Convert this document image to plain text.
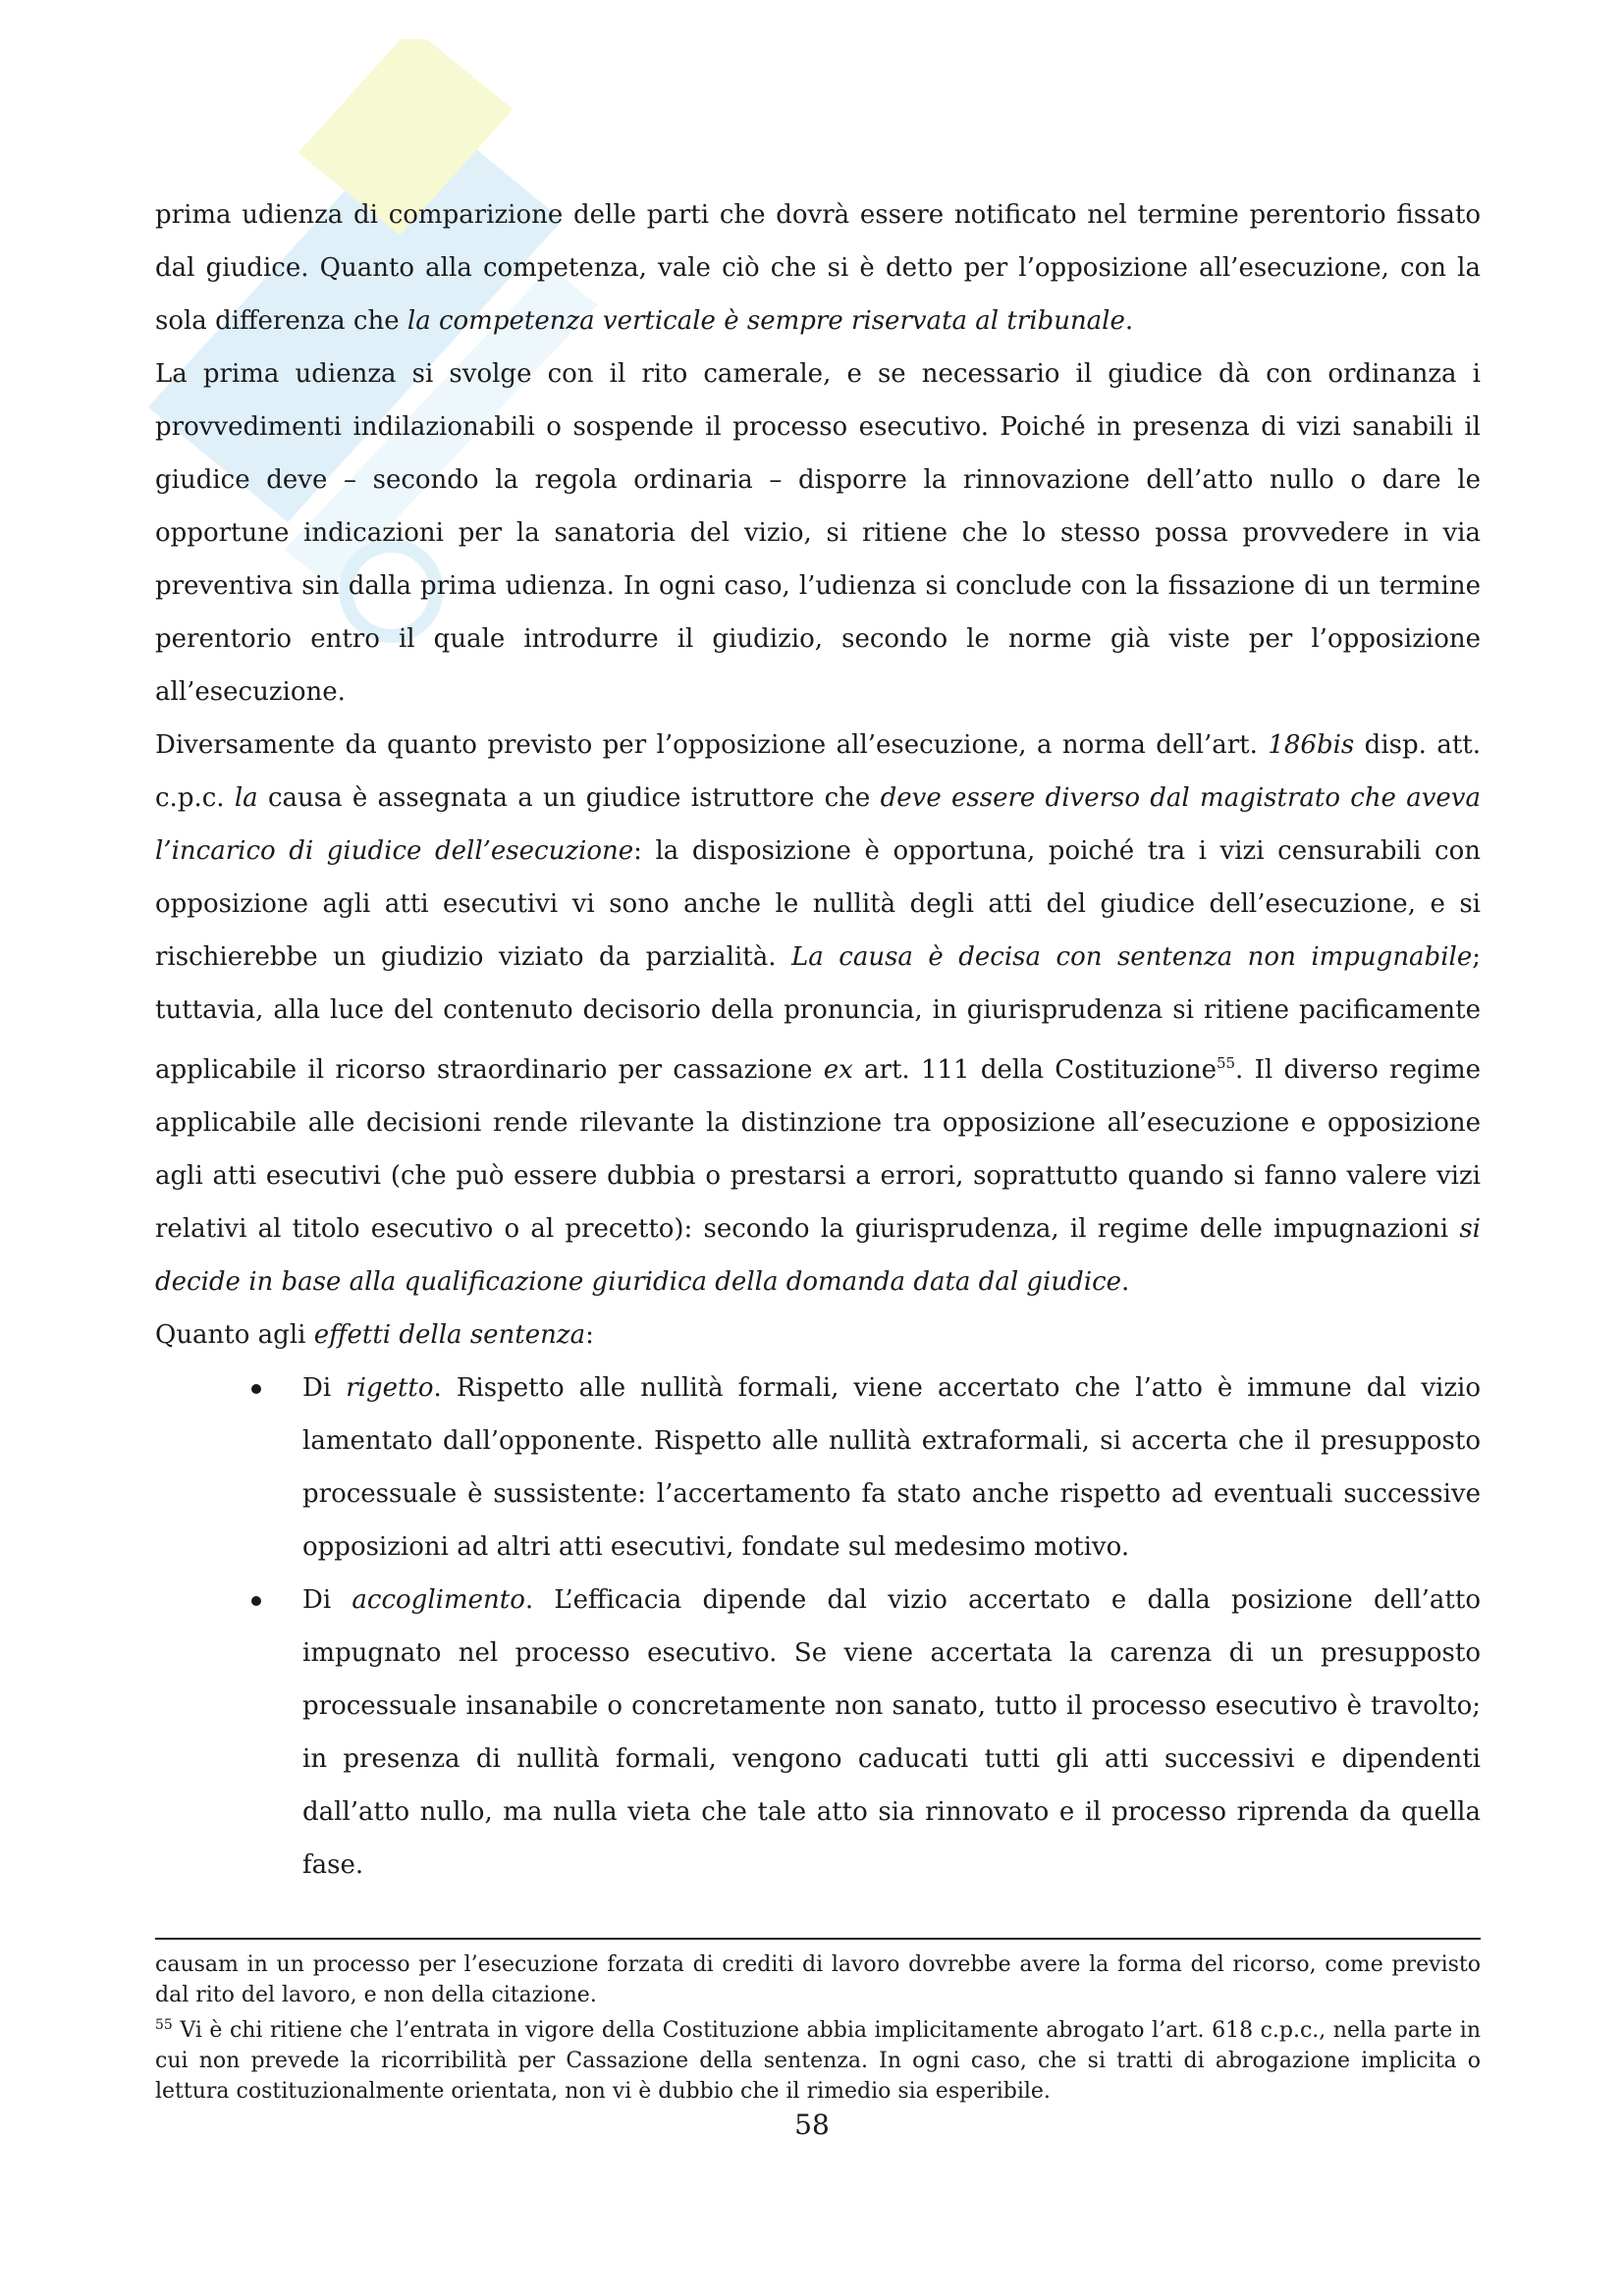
prima udienza di comparizione delle parti che dovrà essere notificato nel termine perentorio fissato dal giudice. Quanto alla competenza, vale ciò che si è detto per l’opposizione all’esecuzione, con la sola differenza che la competenza verticale è sempre riservata al tribunale.

La prima udienza si svolge con il rito camerale, e se necessario il giudice dà con ordinanza i provvedimenti indilazionabili o sospende il processo esecutivo. Poiché in presenza di vizi sanabili il giudice deve – secondo la regola ordinaria – disporre la rinnovazione dell’atto nullo o dare le opportune indicazioni per la sanatoria del vizio, si ritiene che lo stesso possa provvedere in via preventiva sin dalla prima udienza. In ogni caso, l’udienza si conclude con la fissazione di un termine perentorio entro il quale introdurre il giudizio, secondo le norme già viste per l’opposizione all’esecuzione.

Diversamente da quanto previsto per l’opposizione all’esecuzione, a norma dell’art. 186bis disp. att. c.p.c. la causa è assegnata a un giudice istruttore che deve essere diverso dal magistrato che aveva l’incarico di giudice dell’esecuzione: la disposizione è opportuna, poiché tra i vizi censurabili con opposizione agli atti esecutivi vi sono anche le nullità degli atti del giudice dell’esecuzione, e si rischierebbe un giudizio viziato da parzialità. La causa è decisa con sentenza non impugnabile; tuttavia, alla luce del contenuto decisorio della pronuncia, in giurisprudenza si ritiene pacificamente applicabile il ricorso straordinario per cassazione ex art. 111 della Costituzione$^{55}$. Il diverso regime applicabile alle decisioni rende rilevante la distinzione tra opposizione all’esecuzione e opposizione agli atti esecutivi (che può essere dubbia o prestarsi a errori, soprattutto quando si fanno valere vizi relativi al titolo esecutivo o al precetto): secondo la giurisprudenza, il regime delle impugnazioni si decide in base alla qualificazione giuridica della domanda data dal giudice.

Quanto agli effetti della sentenza:

Di rigetto. Rispetto alle nullità formali, viene accertato che l’atto è immune dal vizio lamentato dall’opponente. Rispetto alle nullità extraformali, si accerta che il presupposto processuale è sussistente: l’accertamento fa stato anche rispetto ad eventuali successive opposizioni ad altri atti esecutivi, fondate sul medesimo motivo.
Di accoglimento. L’efficacia dipende dal vizio accertato e dalla posizione dell’atto impugnato nel processo esecutivo. Se viene accertata la carenza di un presupposto processuale insanabile o concretamente non sanato, tutto il processo esecutivo è travolto; in presenza di nullità formali, vengono caducati tutti gli atti successivi e dipendenti dall’atto nullo, ma nulla vieta che tale atto sia rinnovato e il processo riprenda da quella fase.

causam in un processo per l’esecuzione forzata di crediti di lavoro dovrebbe avere la forma del ricorso, come previsto dal rito del lavoro, e non della citazione.

$^{55}$ Vi è chi ritiene che l’entrata in vigore della Costituzione abbia implicitamente abrogato l’art. 618 c.p.c., nella parte in cui non prevede la ricorribilità per Cassazione della sentenza. In ogni caso, che si tratti di abrogazione implicita o lettura costituzionalmente orientata, non vi è dubbio che il rimedio sia esperibile.

58
